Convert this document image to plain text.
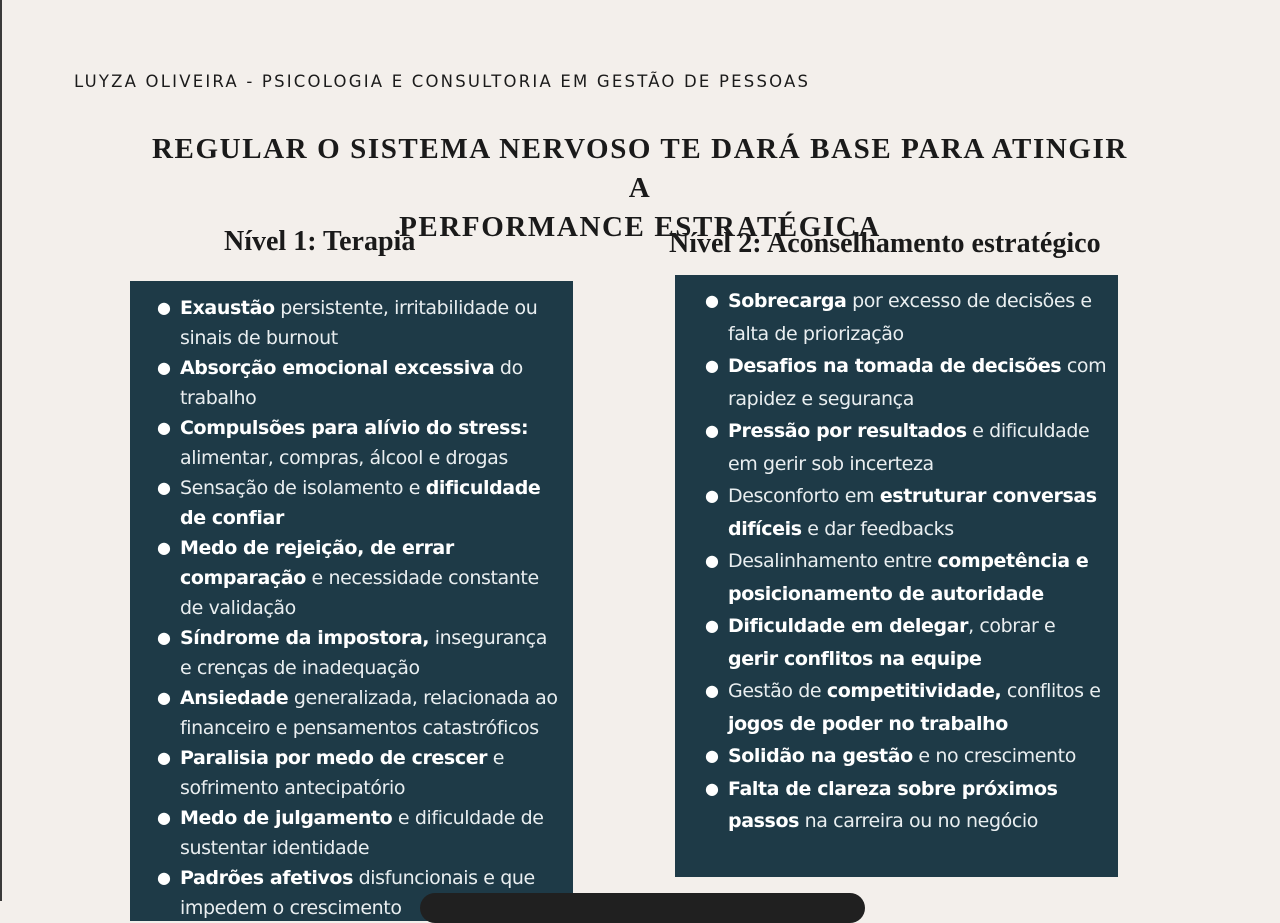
LUYZA OLIVEIRA - PSICOLOGIA E CONSULTORIA EM GESTÃO DE PESSOAS
REGULAR O SISTEMA NERVOSO TE DARÁ BASE PARA ATINGIR A
PERFORMANCE ESTRATÉGICA
Nível 1: Terapia	Nível 2: Aconselhamento estratégico
● Exaustão persistente, irritabilidade ou sinais de burnout
● Absorção emocional excessiva do trabalho
● Compulsões para alívio do stress: alimentar, compras, álcool e drogas
● Sensação de isolamento e dificuldade de confiar
● Medo de rejeição, de errar comparação e necessidade constante de validação
● Síndrome da impostora, insegurança e crenças de inadequação
● Ansiedade generalizada, relacionada ao financeiro e pensamentos catastróficos
● Paralisia por medo de crescer e sofrimento antecipatório
● Medo de julgamento e dificuldade de sustentar identidade
● Padrões afetivos disfuncionais e que impedem o crescimento
● Sobrecarga por excesso de decisões e falta de priorização
● Desafios na tomada de decisões com rapidez e segurança
● Pressão por resultados e dificuldade em gerir sob incerteza
● Desconforto em estruturar conversas difíceis e dar feedbacks
● Desalinhamento entre competência e posicionamento de autoridade
● Dificuldade em delegar, cobrar e gerir conflitos na equipe
● Gestão de competitividade, conflitos e jogos de poder no trabalho
● Solidão na gestão e no crescimento
● Falta de clareza sobre próximos passos na carreira ou no negócio
